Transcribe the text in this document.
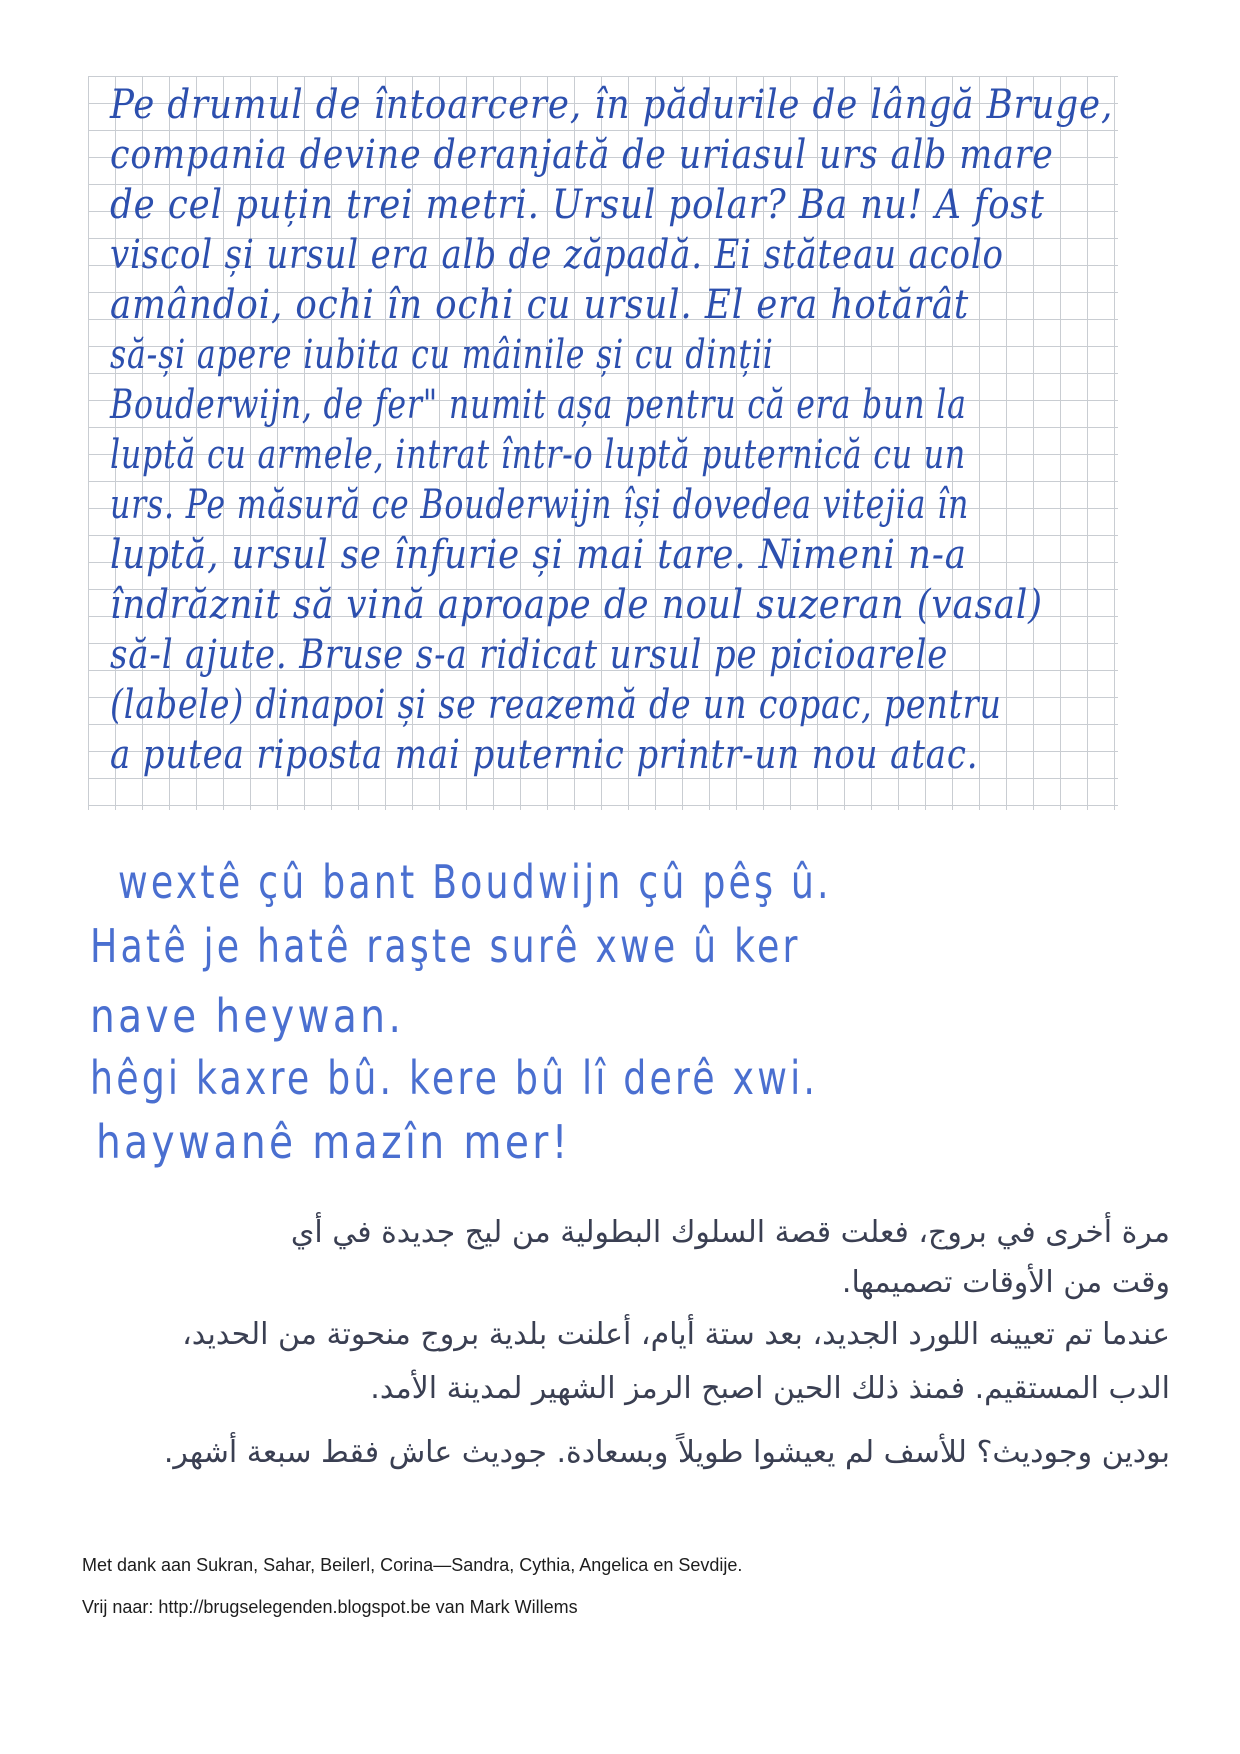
Pe drumul de întoarcere, în pădurile de lângă Bruge,
compania devine deranjată de uriasul urs alb mare
de cel puțin trei metri. Ursul polar? Ba nu! A fost
viscol și ursul era alb de zăpadă. Ei stăteau acolo
amândoi, ochi în ochi cu ursul. El era hotărât
să-și apere iubita cu mâinile și cu dinții
Bouderwijn, de fer" numit așa pentru că era bun la
luptă cu armele, intrat într-o luptă puternică cu un
urs. Pe măsură ce Bouderwijn își dovedea vitejia în
luptă, ursul se înfurie și mai tare. Nimeni n-a
îndrăznit să vină aproape de noul suzeran (vasal)
să-l ajute. Bruse s-a ridicat ursul pe picioarele
(labele) dinapoi și se reazemă de un copac, pentru
a putea riposta mai puternic printr-un nou atac.
wextê çû bant Boudwijn çû pêş û.
Hatê je hatê raşte surê xwe û ker
nave heywan.
hêgi kaxre bû. kere bû lî derê xwi.
haywanê mazîn mer!
مرة أخرى في بروج، فعلت قصة السلوك البطولية من ليج جديدة في أي
وقت من الأوقات تصميمها.
عندما تم تعيينه اللورد الجديد، بعد ستة أيام، أعلنت بلدية بروج منحوتة من الحديد،
الدب المستقيم. فمنذ ذلك الحين اصبح الرمز الشهير لمدينة الأمد.
بودين وجوديث؟ للأسف لم يعيشوا طويلاً وبسعادة. جوديث عاش فقط سبعة أشهر.

Met dank aan Sukran, Sahar, Beilerl, Corina—Sandra, Cythia, Angelica en Sevdije.

Vrij naar: http://brugselegenden.blogspot.be van Mark Willems
